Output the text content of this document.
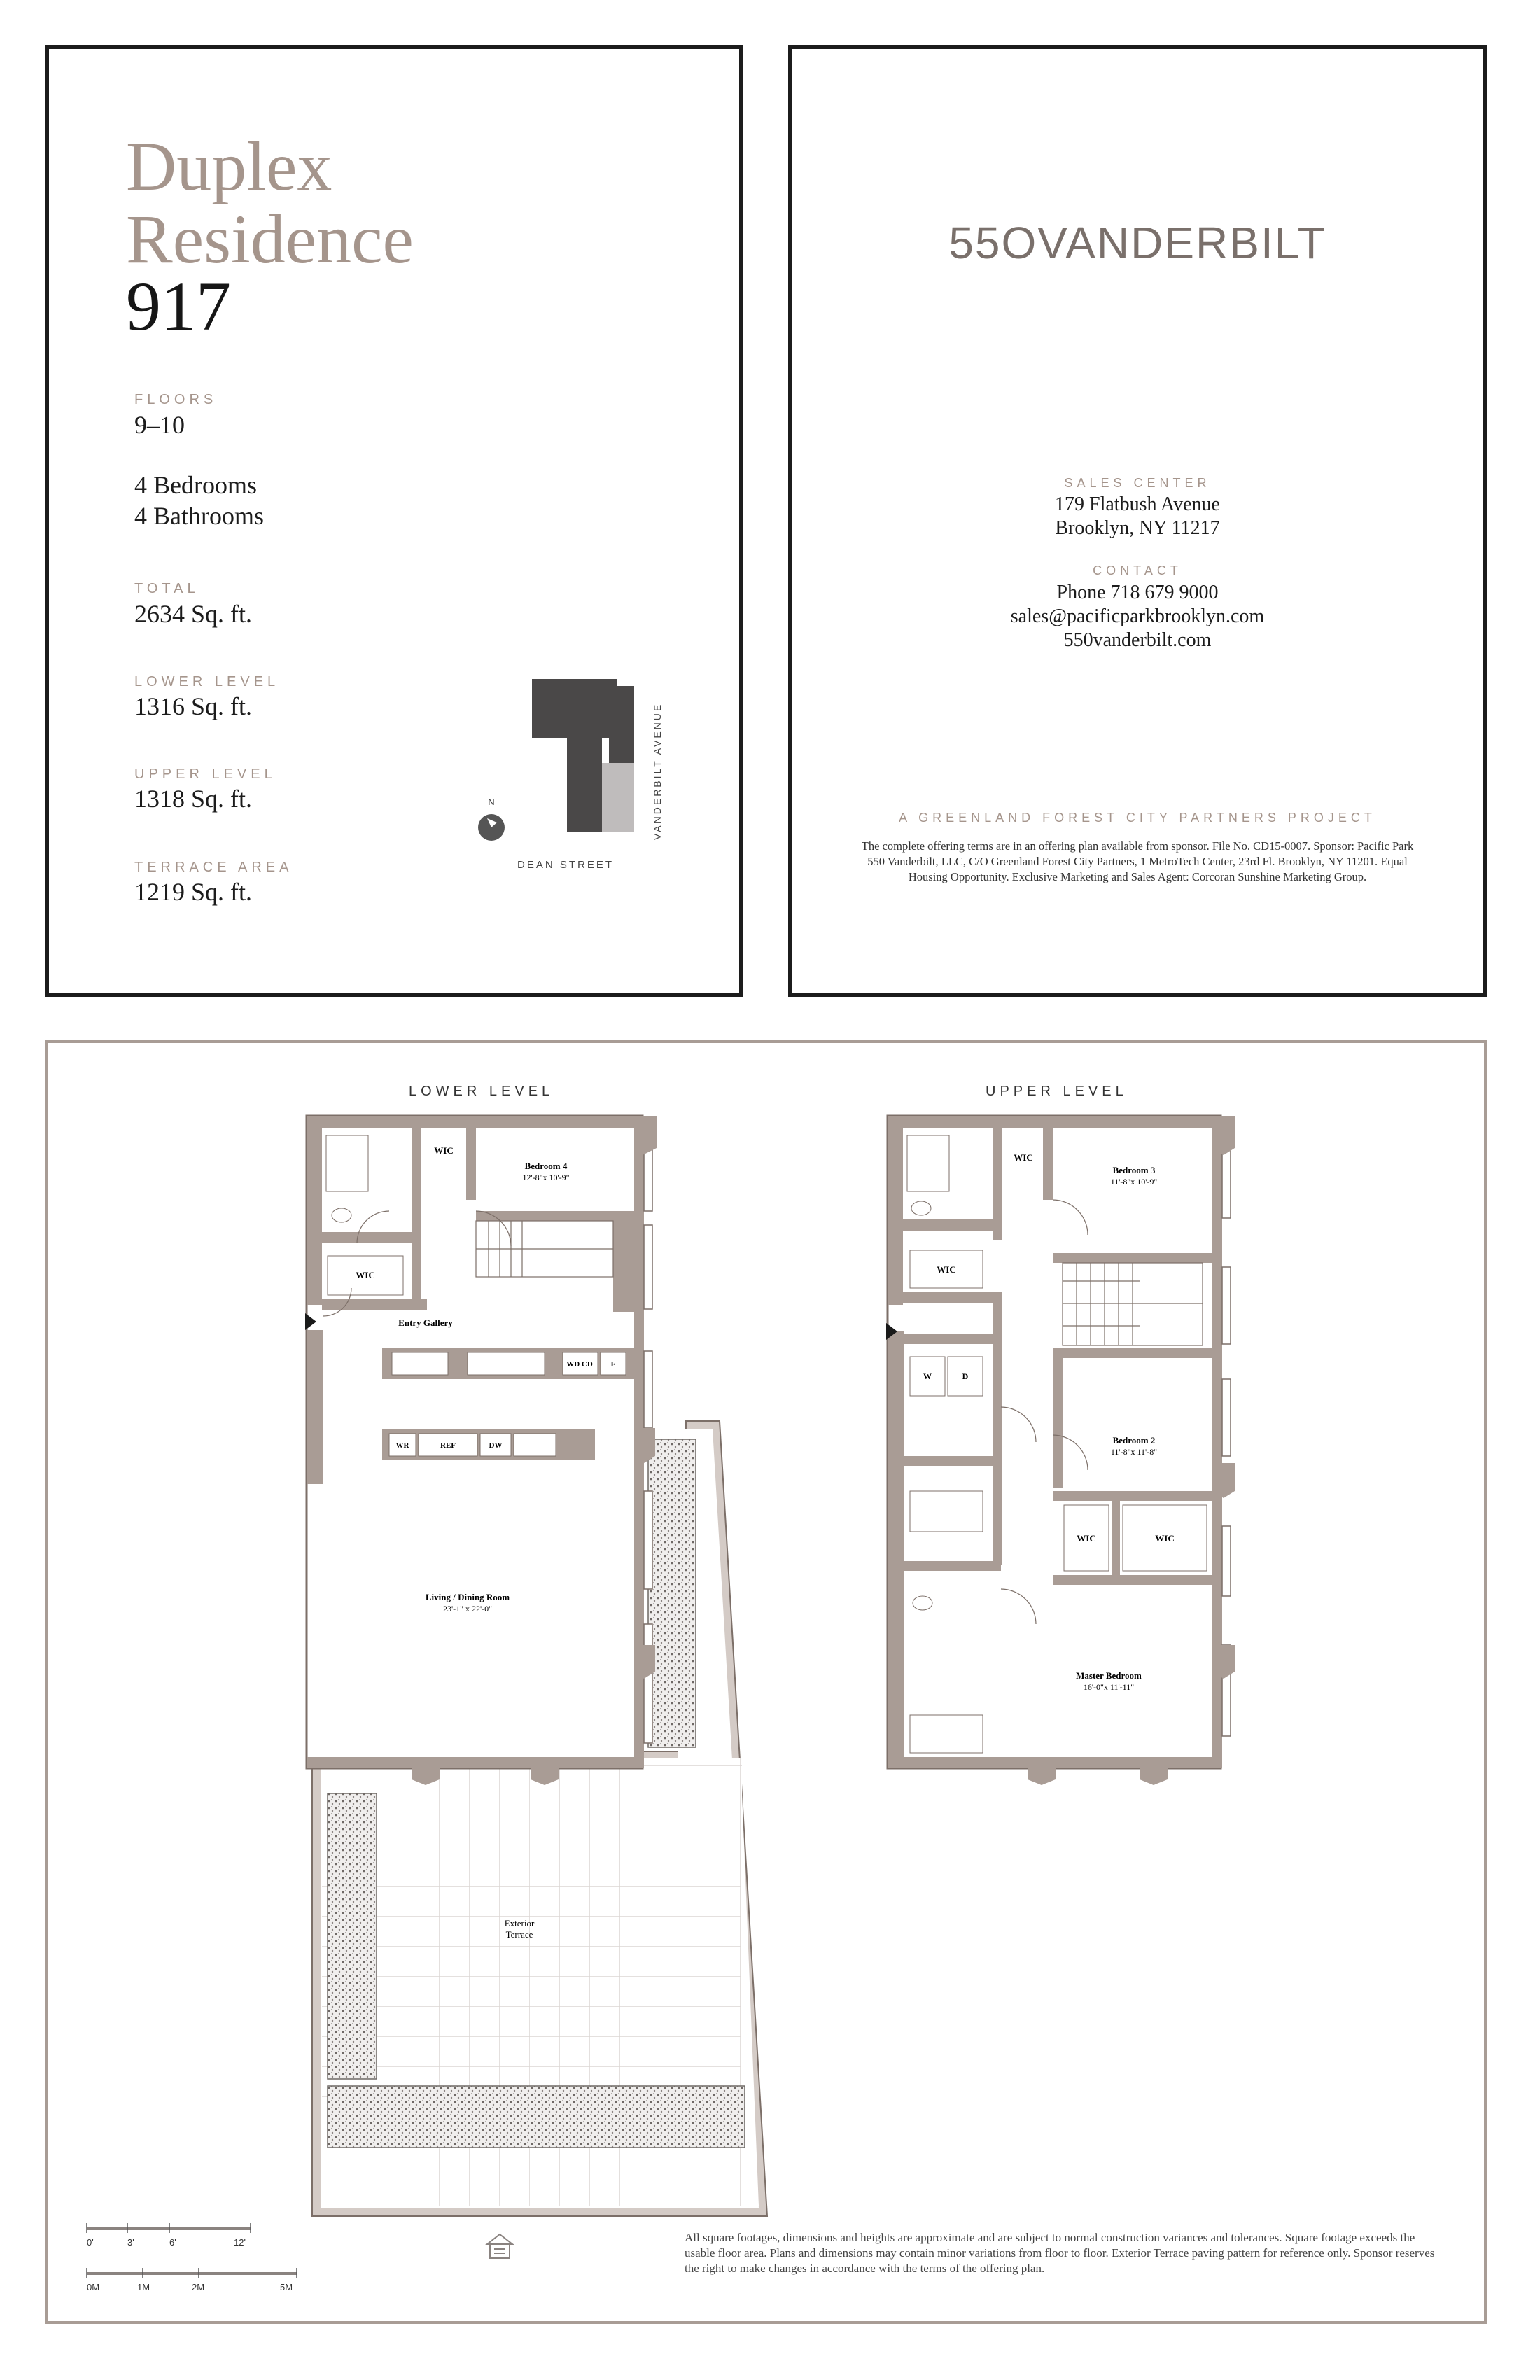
Duplex
Residence
917
FLOORS
9–10
4 Bedrooms
4 Bathrooms
TOTAL
2634 Sq. ft.
LOWER LEVEL
1316 Sq. ft.
UPPER LEVEL
1318 Sq. ft.
TERRACE AREA
1219 Sq. ft.
N
DEAN STREET
VANDERBILT AVENUE
55OVANDERBILT
SALES CENTER
179 Flatbush Avenue
Brooklyn, NY 11217
CONTACT
Phone 718 679 9000
sales@pacificparkbrooklyn.com
550vanderbilt.com
A GREENLAND FOREST CITY PARTNERS PROJECT
The complete offering terms are in an offering plan available from sponsor. File No. CD15-0007. Sponsor: Pacific Park 550 Vanderbilt, LLC, C/O Greenland Forest City Partners, 1 MetroTech Center, 23rd Fl. Brooklyn, NY 11201. Equal Housing Opportunity. Exclusive Marketing and Sales Agent: Corcoran Sunshine Marketing Group.
LOWER LEVEL	UPPER LEVEL
WIC
Bedroom 4
12'-8"x 10'-9"
WIC
Entry Gallery
WD CD F
WR	REF	DW
Living / Dining Room
23'-1" x 22'-0"
Exterior
Terrace
WIC
Bedroom 3
11'-8"x 10'-9"
WIC
W	D
Bedroom 2
11'-8"x 11'-8"
WIC	WIC
Master Bedroom
16'-0"x 11'-11"
0'	3'	6'	12'
0M	1M	2M	5M
All square footages, dimensions and heights are approximate and are subject to normal construction variances and tolerances. Square footage exceeds the usable floor area. Plans and dimensions may contain minor variations from floor to floor. Exterior Terrace paving pattern for reference only. Sponsor reserves the right to make changes in accordance with the terms of the offering plan.
